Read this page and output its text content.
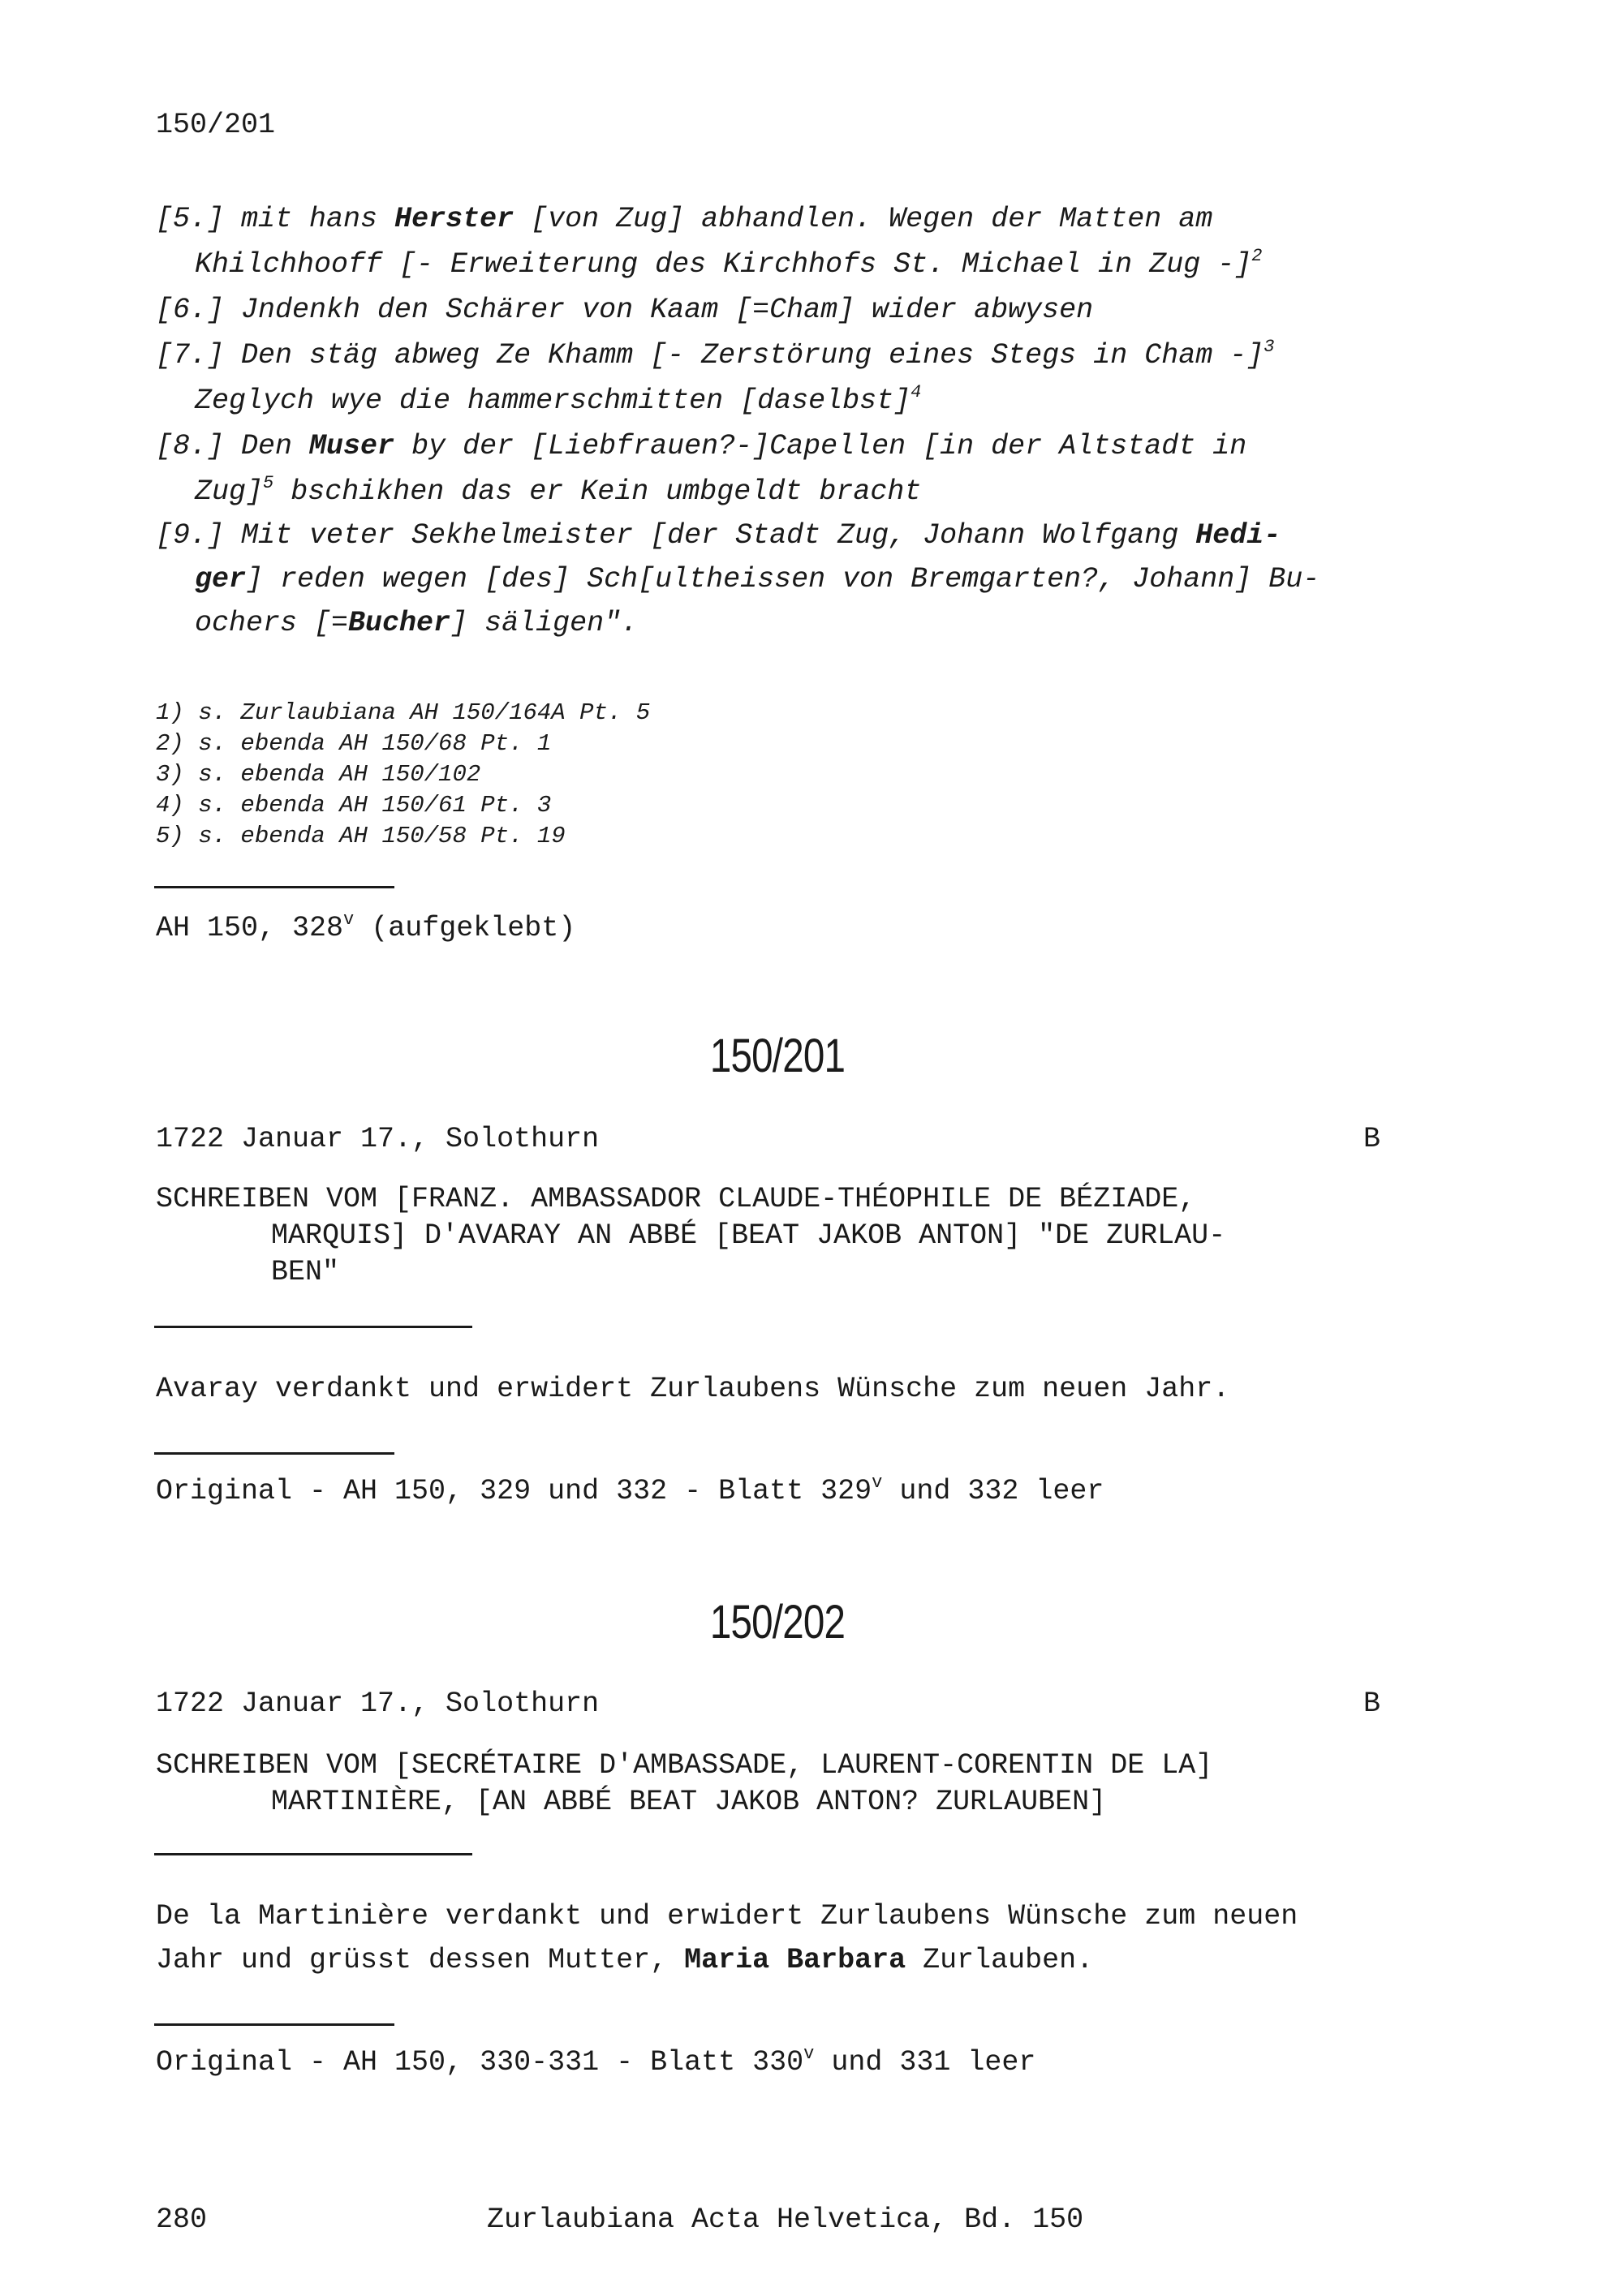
150/201
[5.] mit hans Herster [von Zug] abhandlen. Wegen der Matten am
Khilchhooff [- Erweiterung des Kirchhofs St. Michael in Zug -]$^2$
[6.] Jndenkh den Schärer von Kaam [=Cham] wider abwysen
[7.] Den stäg abweg Ze Khamm [- Zerstörung eines Stegs in Cham -]$^3$
Zeglych wye die hammerschmitten [daselbst]$^4$
[8.] Den Muser by der [Liebfrauen?-]Capellen [in der Altstadt in
Zug]$^5$ bschikhen das er Kein umbgeldt bracht
[9.] Mit veter Sekhelmeister [der Stadt Zug, Johann Wolfgang Hedi-
ger] reden wegen [des] Sch[ultheissen von Bremgarten?, Johann] Bu-
ochers [=Bucher] säligen".
1) s. Zurlaubiana AH 150/164A Pt. 5
2) s. ebenda AH 150/68 Pt. 1
3) s. ebenda AH 150/102
4) s. ebenda AH 150/61 Pt. 3
5) s. ebenda AH 150/58 Pt. 19
AH 150, 328$^v$ (aufgeklebt)
150/201
1722 Januar 17., Solothurn	B
SCHREIBEN VOM [FRANZ. AMBASSADOR CLAUDE-THÉOPHILE DE BÉZIADE,
MARQUIS] D'AVARAY AN ABBÉ [BEAT JAKOB ANTON] "DE ZURLAU-
BEN"
Avaray verdankt und erwidert Zurlaubens Wünsche zum neuen Jahr.
Original - AH 150, 329 und 332 - Blatt 329$^v$ und 332 leer
150/202
1722 Januar 17., Solothurn	B
SCHREIBEN VOM [SECRÉTAIRE D'AMBASSADE, LAURENT-CORENTIN DE LA]
MARTINIÈRE, [AN ABBÉ BEAT JAKOB ANTON? ZURLAUBEN]
De la Martinière verdankt und erwidert Zurlaubens Wünsche zum neuen
Jahr und grüsst dessen Mutter, Maria Barbara Zurlauben.
Original - AH 150, 330-331 - Blatt 330$^v$ und 331 leer
280	Zurlaubiana Acta Helvetica, Bd. 150
